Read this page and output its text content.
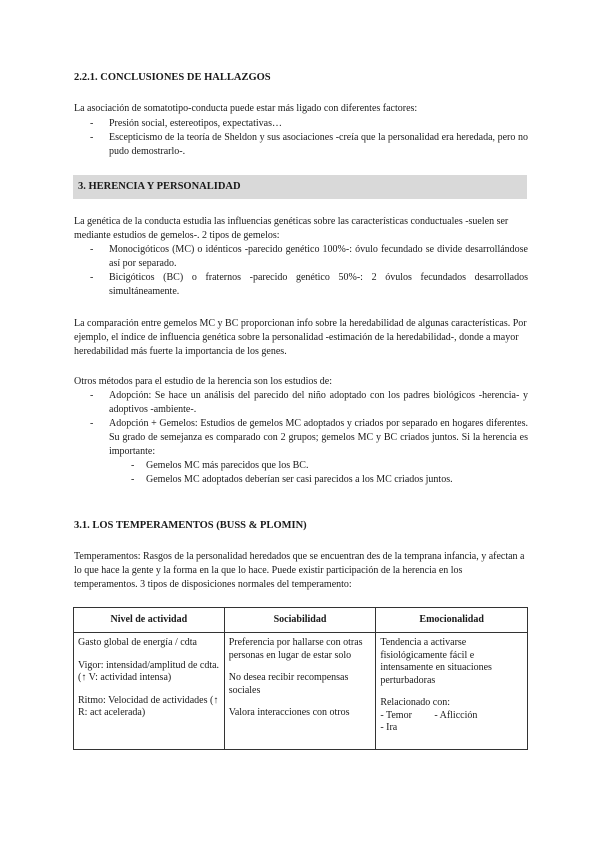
2.2.1. CONCLUSIONES DE HALLAZGOS

La asociación de somatotipo-conducta puede estar más ligado con diferentes factores:

- Presión social, estereotipos, expectativas…
- Escepticismo de la teoría de Sheldon y sus asociaciones -creía que la personalidad era heredada, pero no pudo demostrarlo-.
3. HERENCIA Y PERSONALIDAD

La genética de la conducta estudia las influencias genéticas sobre las características conductuales -suelen ser mediante estudios de gemelos-. 2 tipos de gemelos:

- Monocigóticos (MC) o idénticos -parecido genético 100%-: óvulo fecundado se divide desarrollándose así por separado.
- Bicigóticos (BC) o fraternos -parecido genético 50%-: 2 óvulos fecundados desarrollados simultáneamente.

La comparación entre gemelos MC y BC proporcionan info sobre la heredabilidad de algunas características. Por ejemplo, el índice de influencia genética sobre la personalidad -estimación de la heredabilidad-, donde a mayor heredabilidad más fuerte la importancia de los genes.

Otros métodos para el estudio de la herencia son los estudios de:

- Adopción: Se hace un análisis del parecido del niño adoptado con los padres biológicos -herencia- y adoptivos -ambiente-.
- Adopción + Gemelos: Estudios de gemelos MC adoptados y criados por separado en hogares diferentes. Su grado de semejanza es comparado con 2 grupos; gemelos MC y BC criados juntos. Si la herencia es importante:
- Gemelos MC más parecidos que los BC.
- Gemelos MC adoptados deberían ser casi parecidos a los MC criados juntos.
3.1. LOS TEMPERAMENTOS (BUSS & PLOMIN)

Temperamentos: Rasgos de la personalidad heredados que se encuentran des de la temprana infancia, y afectan a lo que hace la gente y la forma en la que lo hace. Puede existir participación de la herencia en los temperamentos. 3 tipos de disposiciones normales del temperamento:

Nivel de actividad	Sociabilidad	Emocionalidad

Gasto global de energía / cdta
Vigor: intensidad/amplitud de cdta. (↑ V: actividad intensa)
Ritmo: Velocidad de actividades (↑ R: act acelerada)	Preferencia por hallarse con otras personas en lugar de estar solo
No desea recibir recompensas sociales
Valora interacciones con otros	Tendencia a activarse fisiológicamente fácil e intensamente en situaciones perturbadoras
Relacionado con:
- Temor - Aflicción
- Ira
